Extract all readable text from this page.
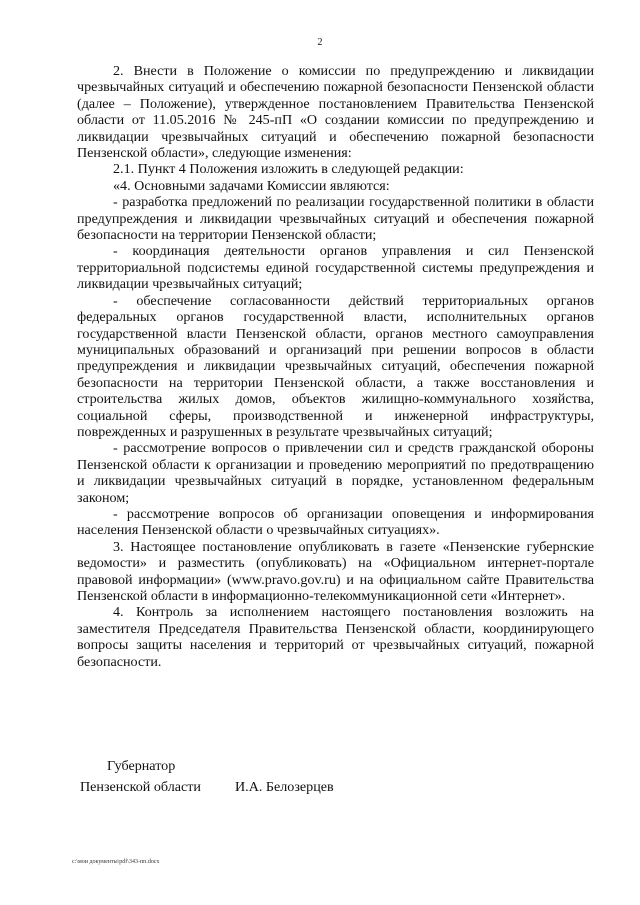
2

2. Внести в Положение о комиссии по предупреждению и ликвидации чрезвычайных ситуаций и обеспечению пожарной безопасности Пензенской области (далее – Положение), утвержденное постановлением Правительства Пензенской области от 11.05.2016 № 245-пП «О создании комиссии по предупреждению и ликвидации чрезвычайных ситуаций и обеспечению пожарной безопасности Пензенской области», следующие изменения:

2.1. Пункт 4 Положения изложить в следующей редакции:

«4. Основными задачами Комиссии являются:

- разработка предложений по реализации государственной политики в области предупреждения и ликвидации чрезвычайных ситуаций и обеспечения пожарной безопасности на территории Пензенской области;

- координация деятельности органов управления и сил Пензенской территориальной подсистемы единой государственной системы предупреждения и ликвидации чрезвычайных ситуаций;

- обеспечение согласованности действий территориальных органов федеральных органов государственной власти, исполнительных органов государственной власти Пензенской области, органов местного самоуправления муниципальных образований и организаций при решении вопросов в области предупреждения и ликвидации чрезвычайных ситуаций, обеспечения пожарной безопасности на территории Пензенской области, а также восстановления и строительства жилых домов, объектов жилищно-коммунального хозяйства, социальной сферы, производственной и инженерной инфраструктуры, поврежденных и разрушенных в результате чрезвычайных ситуаций;

- рассмотрение вопросов о привлечении сил и средств гражданской обороны Пензенской области к организации и проведению мероприятий по предотвращению и ликвидации чрезвычайных ситуаций в порядке, установленном федеральным законом;

- рассмотрение вопросов об организации оповещения и информирования населения Пензенской области о чрезвычайных ситуациях».

3. Настоящее постановление опубликовать в газете «Пензенские губернские ведомости» и разместить (опубликовать) на «Официальном интернет-портале правовой информации» (www.pravo.gov.ru) и на официальном сайте Правительства Пензенской области в информационно-телекоммуникационной сети «Интернет».

4. Контроль за исполнением настоящего постановления возложить на заместителя Председателя Правительства Пензенской области, координирующего вопросы защиты населения и территорий от чрезвычайных ситуаций, пожарной безопасности.

Губернатор
Пензенской области И.А. Белозерцев
c:\мои документы\pdf\343-пп.docx
